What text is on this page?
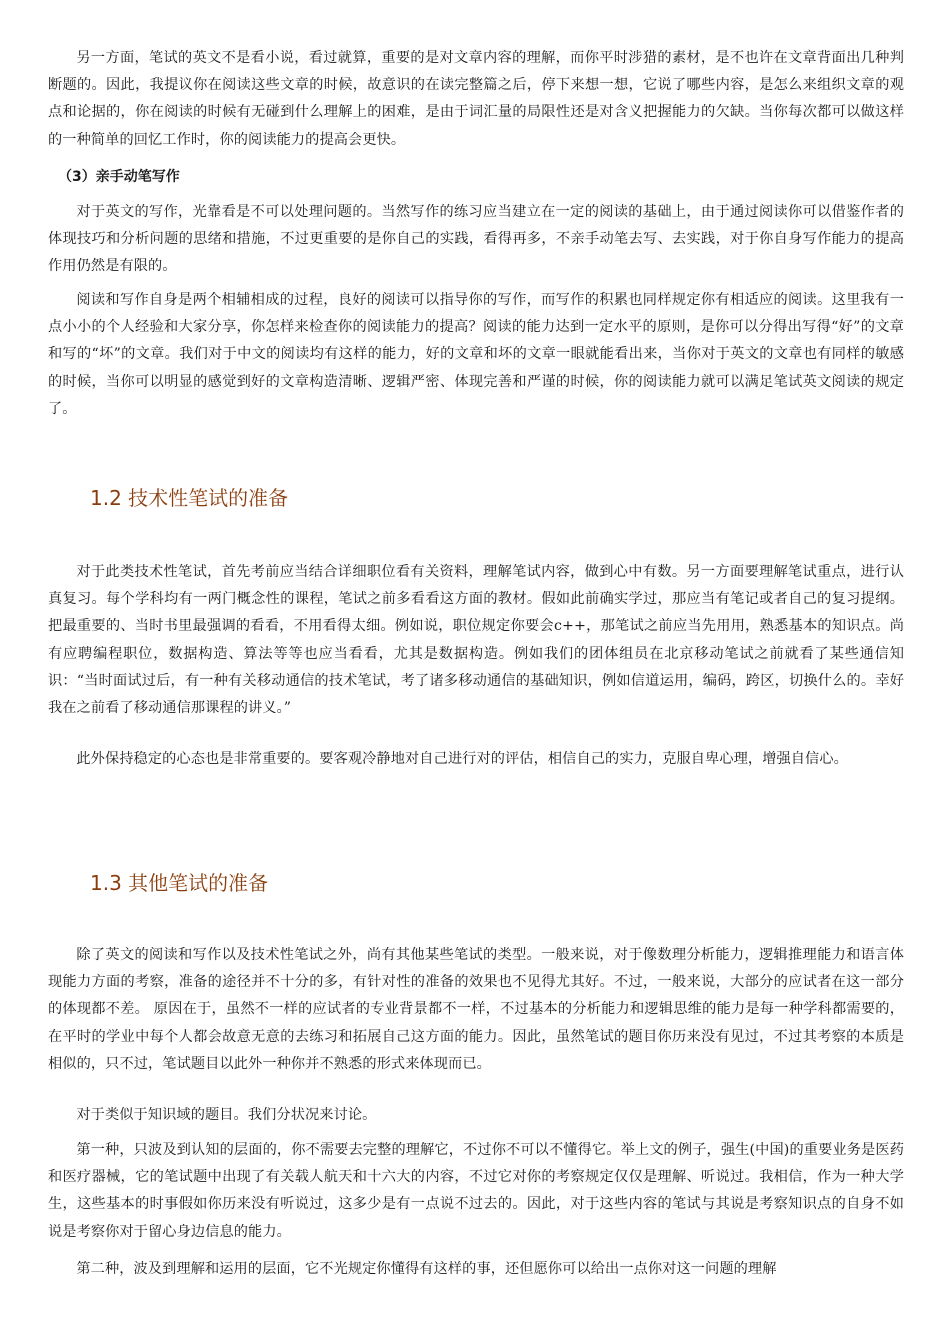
另一方面，笔试的英文不是看小说，看过就算，重要的是对文章内容的理解，而你平时涉猎的素材，是不也许在文章背面出几种判断题的。因此，我提议你在阅读这些文章的时候，故意识的在读完整篇之后，停下来想一想，它说了哪些内容，是怎么来组织文章的观点和论据的，你在阅读的时候有无碰到什么理解上的困难，是由于词汇量的局限性还是对含义把握能力的欠缺。当你每次都可以做这样的一种简单的回忆工作时，你的阅读能力的提高会更快。

（3）亲手动笔写作

对于英文的写作，光靠看是不可以处理问题的。当然写作的练习应当建立在一定的阅读的基础上，由于通过阅读你可以借鉴作者的体现技巧和分析问题的思绪和措施，不过更重要的是你自己的实践，看得再多，不亲手动笔去写、去实践，对于你自身写作能力的提高作用仍然是有限的。

阅读和写作自身是两个相辅相成的过程，良好的阅读可以指导你的写作，而写作的积累也同样规定你有相适应的阅读。这里我有一点小小的个人经验和大家分享，你怎样来检查你的阅读能力的提高？阅读的能力达到一定水平的原则，是你可以分得出写得“好”的文章和写的“坏”的文章。我们对于中文的阅读均有这样的能力，好的文章和坏的文章一眼就能看出来，当你对于英文的文章也有同样的敏感的时候，当你可以明显的感觉到好的文章构造清晰、逻辑严密、体现完善和严谨的时候，你的阅读能力就可以满足笔试英文阅读的规定了。

1.2 技术性笔试的准备

对于此类技术性笔试，首先考前应当结合详细职位看有关资料，理解笔试内容，做到心中有数。另一方面要理解笔试重点，进行认真复习。每个学科均有一两门概念性的课程，笔试之前多看看这方面的教材。假如此前确实学过，那应当有笔记或者自己的复习提纲。把最重要的、当时书里最强调的看看，不用看得太细。例如说，职位规定你要会c++，那笔试之前应当先用用，熟悉基本的知识点。尚有应聘编程职位，数据构造、算法等等也应当看看，尤其是数据构造。例如我们的团体组员在北京移动笔试之前就看了某些通信知识：“当时面试过后，有一种有关移动通信的技术笔试，考了诸多移动通信的基础知识，例如信道运用，编码，跨区，切换什么的。幸好我在之前看了移动通信那课程的讲义。”

此外保持稳定的心态也是非常重要的。要客观冷静地对自己进行对的评估，相信自己的实力，克服自卑心理，增强自信心。

1.3 其他笔试的准备

除了英文的阅读和写作以及技术性笔试之外，尚有其他某些笔试的类型。一般来说，对于像数理分析能力，逻辑推理能力和语言体现能力方面的考察，准备的途径并不十分的多，有针对性的准备的效果也不见得尤其好。不过，一般来说，大部分的应试者在这一部分的体现都不差。 原因在于，虽然不一样的应试者的专业背景都不一样，不过基本的分析能力和逻辑思维的能力是每一种学科都需要的，在平时的学业中每个人都会故意无意的去练习和拓展自己这方面的能力。因此，虽然笔试的题目你历来没有见过，不过其考察的本质是相似的，只不过，笔试题目以此外一种你并不熟悉的形式来体现而已。

对于类似于知识域的题目。我们分状况来讨论。

第一种，只波及到认知的层面的，你不需要去完整的理解它，不过你不可以不懂得它。举上文的例子，强生(中国)的重要业务是医药和医疗器械，它的笔试题中出现了有关载人航天和十六大的内容，不过它对你的考察规定仅仅是理解、听说过。我相信，作为一种大学生，这些基本的时事假如你历来没有听说过，这多少是有一点说不过去的。因此，对于这些内容的笔试与其说是考察知识点的自身不如说是考察你对于留心身边信息的能力。

第二种，波及到理解和运用的层面，它不光规定你懂得有这样的事，还但愿你可以给出一点你对这一问题的理解
